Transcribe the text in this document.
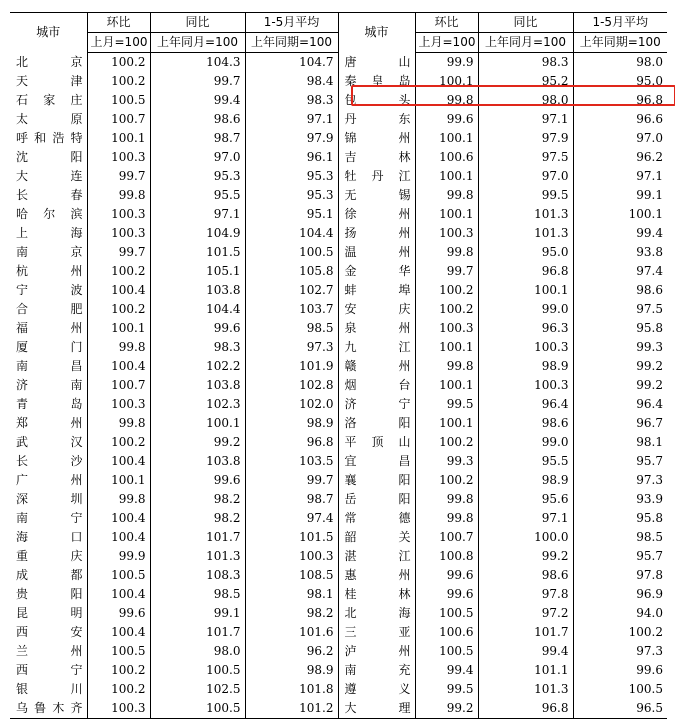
城市	环比	同比	1-5月平均	城市	环比	同比	1-5月平均
	上月=100	上年同月=100	上年同期=100		上月=100	上年同月=100	上年同期=100
北京	100.2	104.3	104.7	唐山	99.9	98.3	98.0
天津	100.2	99.7	98.4	秦皇岛	100.1	95.2	95.0
石家庄	100.5	99.4	98.3	包头	99.8	98.0	96.8
太原	100.7	98.6	97.1	丹东	99.6	97.1	96.6
呼和浩特	100.1	98.7	97.9	锦州	100.1	97.9	97.0
沈阳	100.3	97.0	96.1	吉林	100.6	97.5	96.2
大连	99.7	95.3	95.3	牡丹江	100.1	97.0	97.1
长春	99.8	95.5	95.3	无锡	99.8	99.5	99.1
哈尔滨	100.3	97.1	95.1	徐州	100.1	101.3	100.1
上海	100.3	104.9	104.4	扬州	100.3	101.3	99.4
南京	99.7	101.5	100.5	温州	99.8	95.0	93.8
杭州	100.2	105.1	105.8	金华	99.7	96.8	97.4
宁波	100.4	103.8	102.7	蚌埠	100.2	100.1	98.6
合肥	100.2	104.4	103.7	安庆	100.2	99.0	97.5
福州	100.1	99.6	98.5	泉州	100.3	96.3	95.8
厦门	99.8	98.3	97.3	九江	100.1	100.3	99.3
南昌	100.4	102.2	101.9	赣州	99.8	98.9	99.2
济南	100.7	103.8	102.8	烟台	100.1	100.3	99.2
青岛	100.3	102.3	102.0	济宁	99.5	96.4	96.4
郑州	99.8	100.1	98.9	洛阳	100.1	98.6	96.7
武汉	100.2	99.2	96.8	平顶山	100.2	99.0	98.1
长沙	100.4	103.8	103.5	宜昌	99.3	95.5	95.7
广州	100.1	99.6	99.7	襄阳	100.2	98.9	97.3
深圳	99.8	98.2	98.7	岳阳	99.8	95.6	93.9
南宁	100.4	98.2	97.4	常德	99.8	97.1	95.8
海口	100.4	101.7	101.5	韶关	100.7	100.0	98.5
重庆	99.9	101.3	100.3	湛江	100.8	99.2	95.7
成都	100.5	108.3	108.5	惠州	99.6	98.6	97.8
贵阳	100.4	98.5	98.1	桂林	99.6	97.8	96.9
昆明	99.6	99.1	98.2	北海	100.5	97.2	94.0
西安	100.4	101.7	101.6	三亚	100.6	101.7	100.2
兰州	100.5	98.0	96.2	泸州	100.5	99.4	97.3
西宁	100.2	100.5	98.9	南充	99.4	101.1	99.6
银川	100.2	102.5	101.8	遵义	99.5	101.3	100.5
乌鲁木齐	100.3	100.5	101.2	大理	99.2	96.8	96.5
